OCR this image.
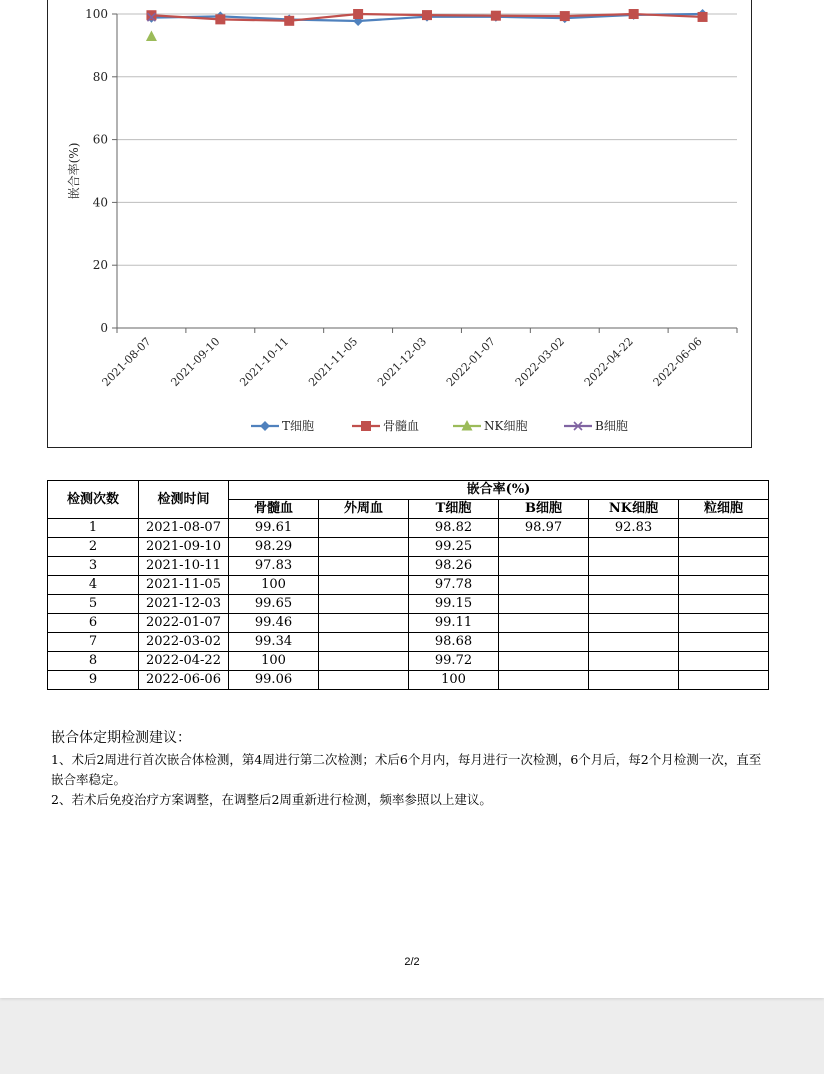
0
20
40
60
80
100
2021-08-07 2021-09-10 2021-10-11 2021-11-05 2021-12-03 2022-01-07 2022-03-02 2022-04-22 2022-06-06
嵌合率(%)
T细胞	骨髓血	NK细胞	B细胞
检测次数	检测时间	嵌合率(%)					
		骨髓血	外周血	T细胞	B细胞	NK细胞	粒细胞
1	2021-08-07	99.61		98.82	98.97	92.83	
2	2021-09-10	98.29		99.25			
3	2021-10-11	97.83		98.26			
4	2021-11-05	100		97.78			
5	2021-12-03	99.65		99.15			
6	2022-01-07	99.46		99.11			
7	2022-03-02	99.34		98.68			
8	2022-04-22	100		99.72			
9	2022-06-06	99.06		100			
嵌合体定期检测建议：
1、术后2周进行首次嵌合体检测，第4周进行第二次检测；术后6个月内，每月进行一次检测，6个月后，每2个月检测一次，直至嵌合率稳定。
2、若术后免疫治疗方案调整，在调整后2周重新进行检测，频率参照以上建议。
2/2
